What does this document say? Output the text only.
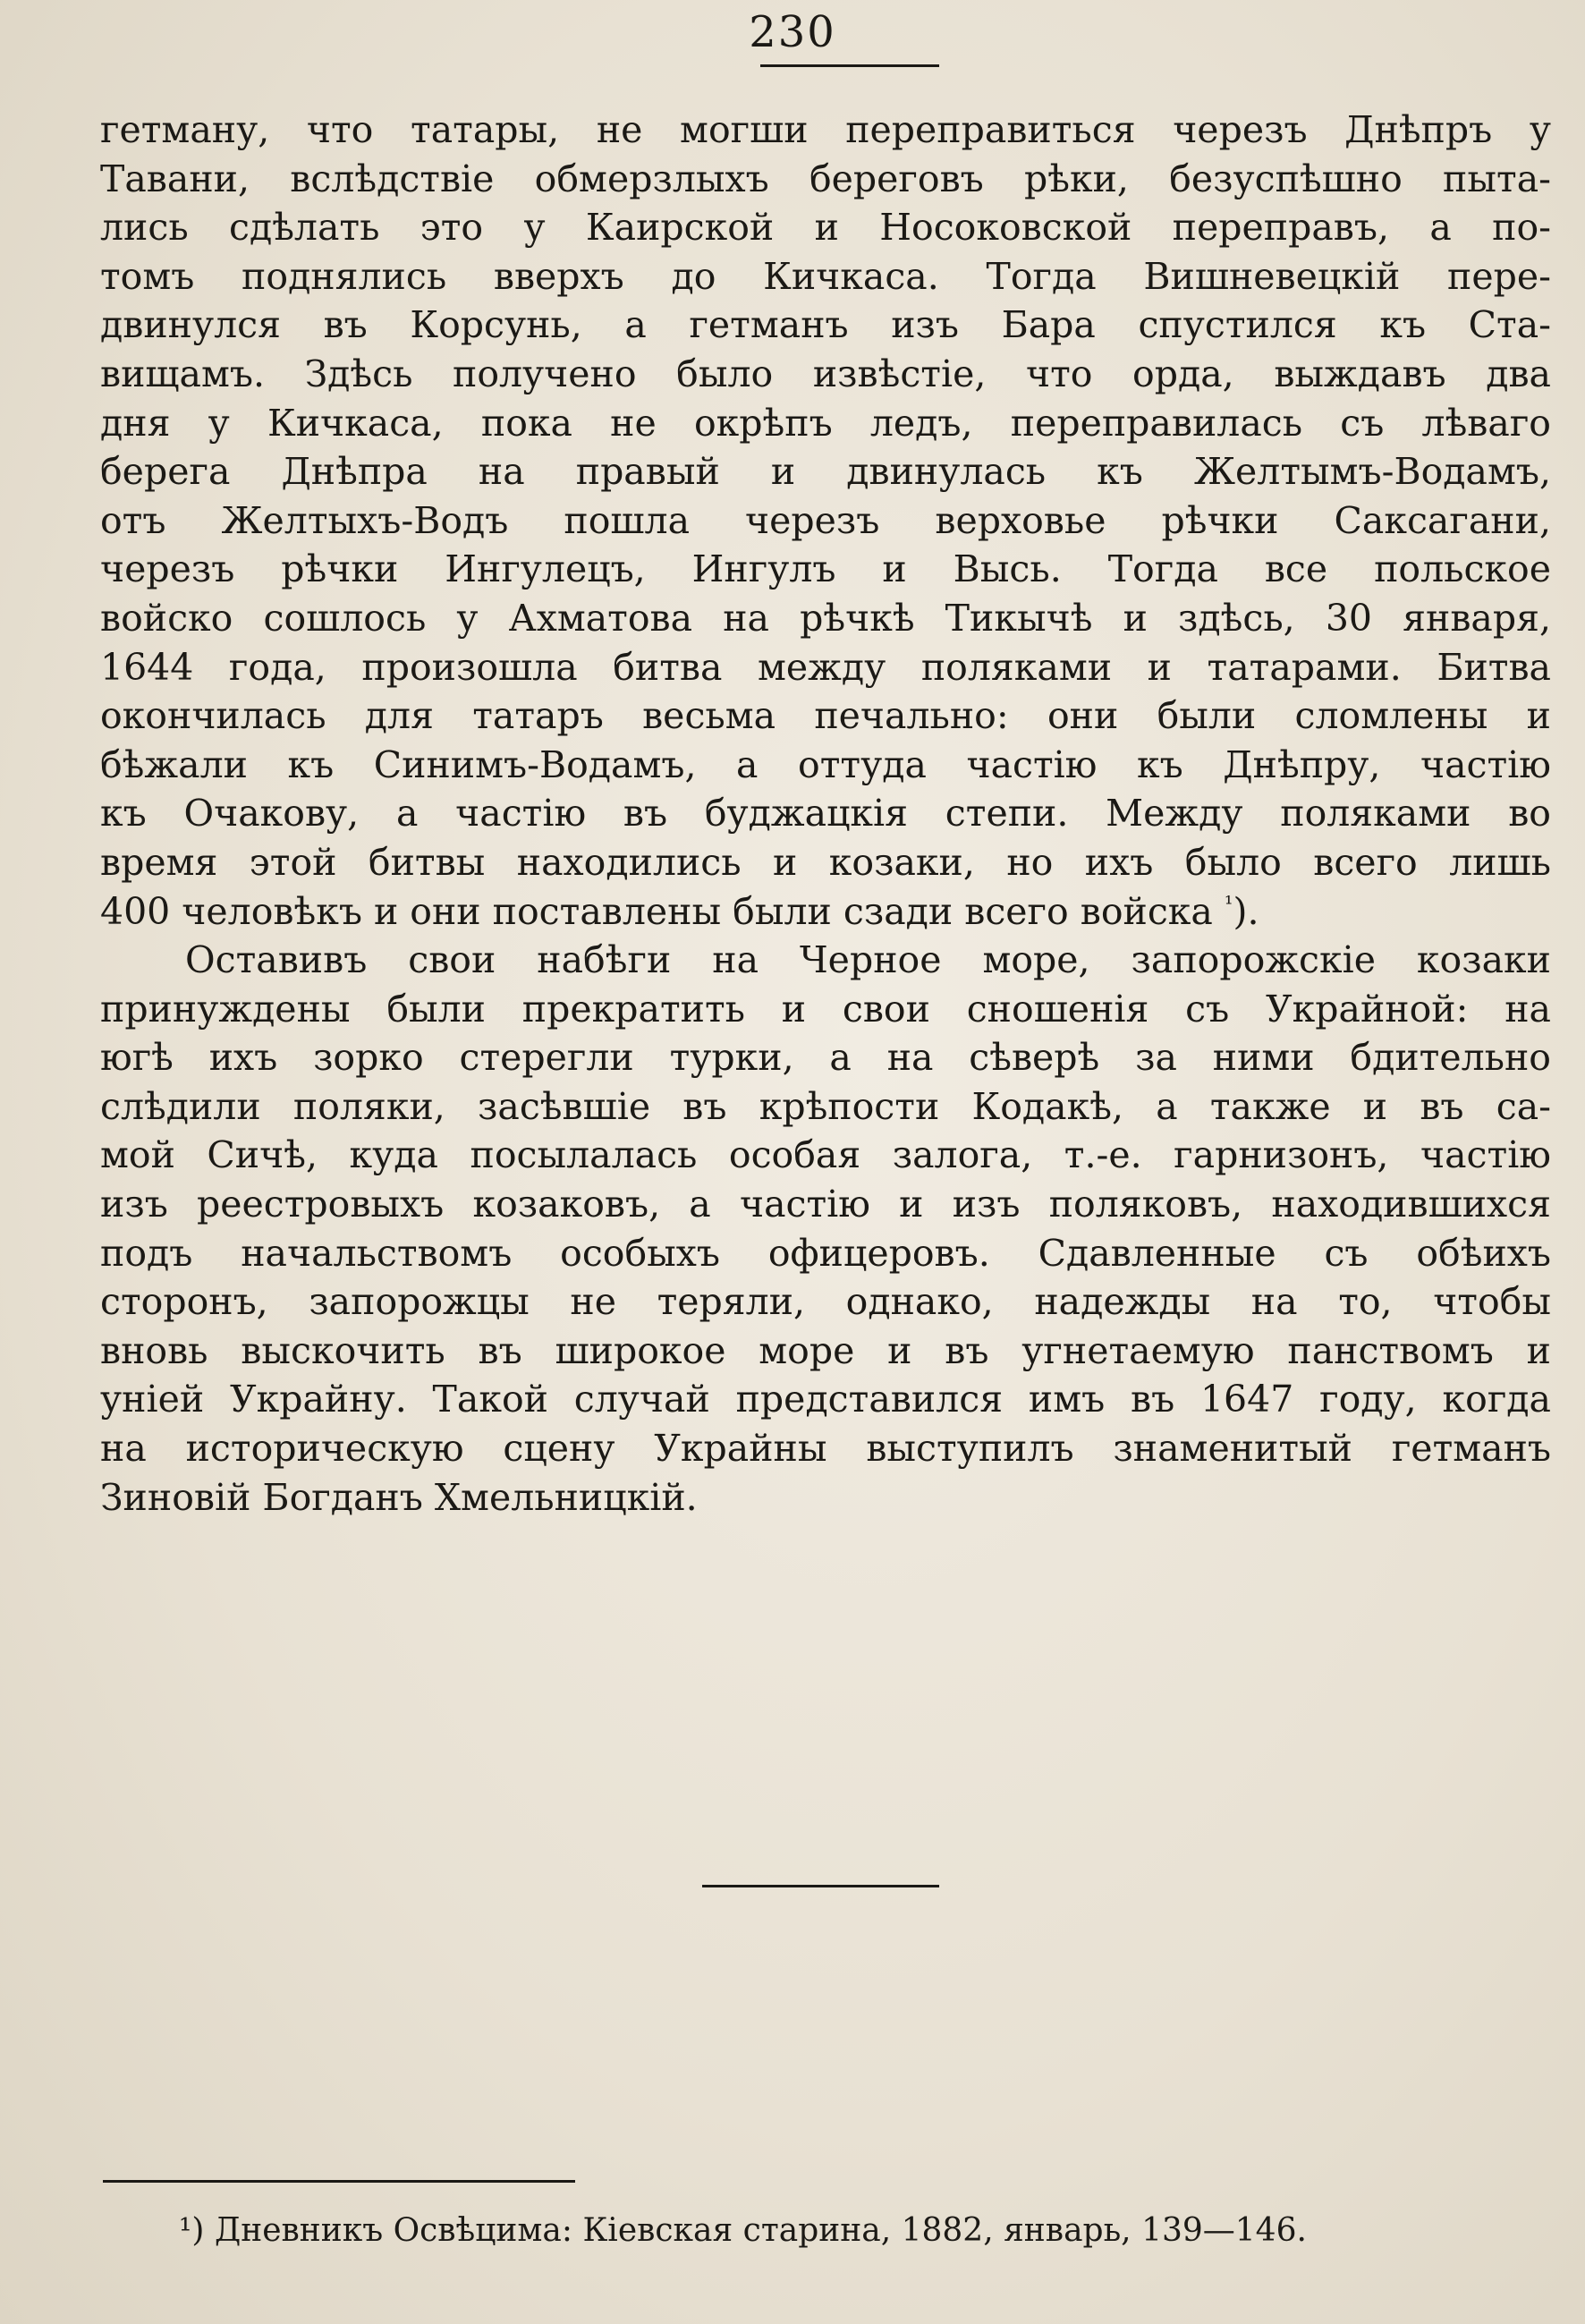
230
гетману, что татары, не могши переправиться черезъ Днѣпръ у
Тавани, вслѣдствіе обмерзлыхъ береговъ рѣки, безуспѣшно пыта-
лись сдѣлать это у Каирской и Носоковской переправъ, а по-
томъ поднялись вверхъ до Кичкаса. Тогда Вишневецкій пере-
двинулся въ Корсунь, а гетманъ изъ Бара спустился къ Ста-
вищамъ. Здѣсь получено было извѣстіе, что орда, выждавъ два
дня у Кичкаса, пока не окрѣпъ ледъ, переправилась съ лѣваго
берега Днѣпра на правый и двинулась къ Желтымъ-Водамъ,
отъ Желтыхъ-Водъ пошла черезъ верховье рѣчки Саксагани,
черезъ рѣчки Ингулецъ, Ингулъ и Высь. Тогда все польское
войско сошлось у Ахматова на рѣчкѣ Тикычѣ и здѣсь, 30 января,
1644 года, произошла битва между поляками и татарами. Битва
окончилась для татаръ весьма печально: они были сломлены и
бѣжали къ Синимъ-Водамъ, а оттуда частію къ Днѣпру, частію
къ Очакову, а частію въ буджацкія степи. Между поляками во
время этой битвы находились и козаки, но ихъ было всего лишь
400 человѣкъ и они поставлены были сзади всего войска $^{^1}$).
Оставивъ свои набѣги на Черное море, запорожскіе козаки
принуждены были прекратить и свои сношенія съ Украйной: на
югѣ ихъ зорко стерегли турки, а на сѣверѣ за ними бдительно
слѣдили поляки, засѣвшіе въ крѣпости Кодакѣ, а также и въ са-
мой Сичѣ, куда посылалась особая залога, т.-е. гарнизонъ, частію
изъ реестровыхъ козаковъ, а частію и изъ поляковъ, находившихся
подъ начальствомъ особыхъ офицеровъ. Сдавленные съ обѣихъ
сторонъ, запорожцы не теряли, однако, надежды на то, чтобы
вновь выскочить въ широкое море и въ угнетаемую панствомъ и
уніей Украйну. Такой случай представился имъ въ 1647 году, когда
на историческую сцену Украйны выступилъ знаменитый гетманъ
Зиновій Богданъ Хмельницкій.
¹) Дневникъ Освѣцима: Кіевская старина, 1882, январь, 139—146.
